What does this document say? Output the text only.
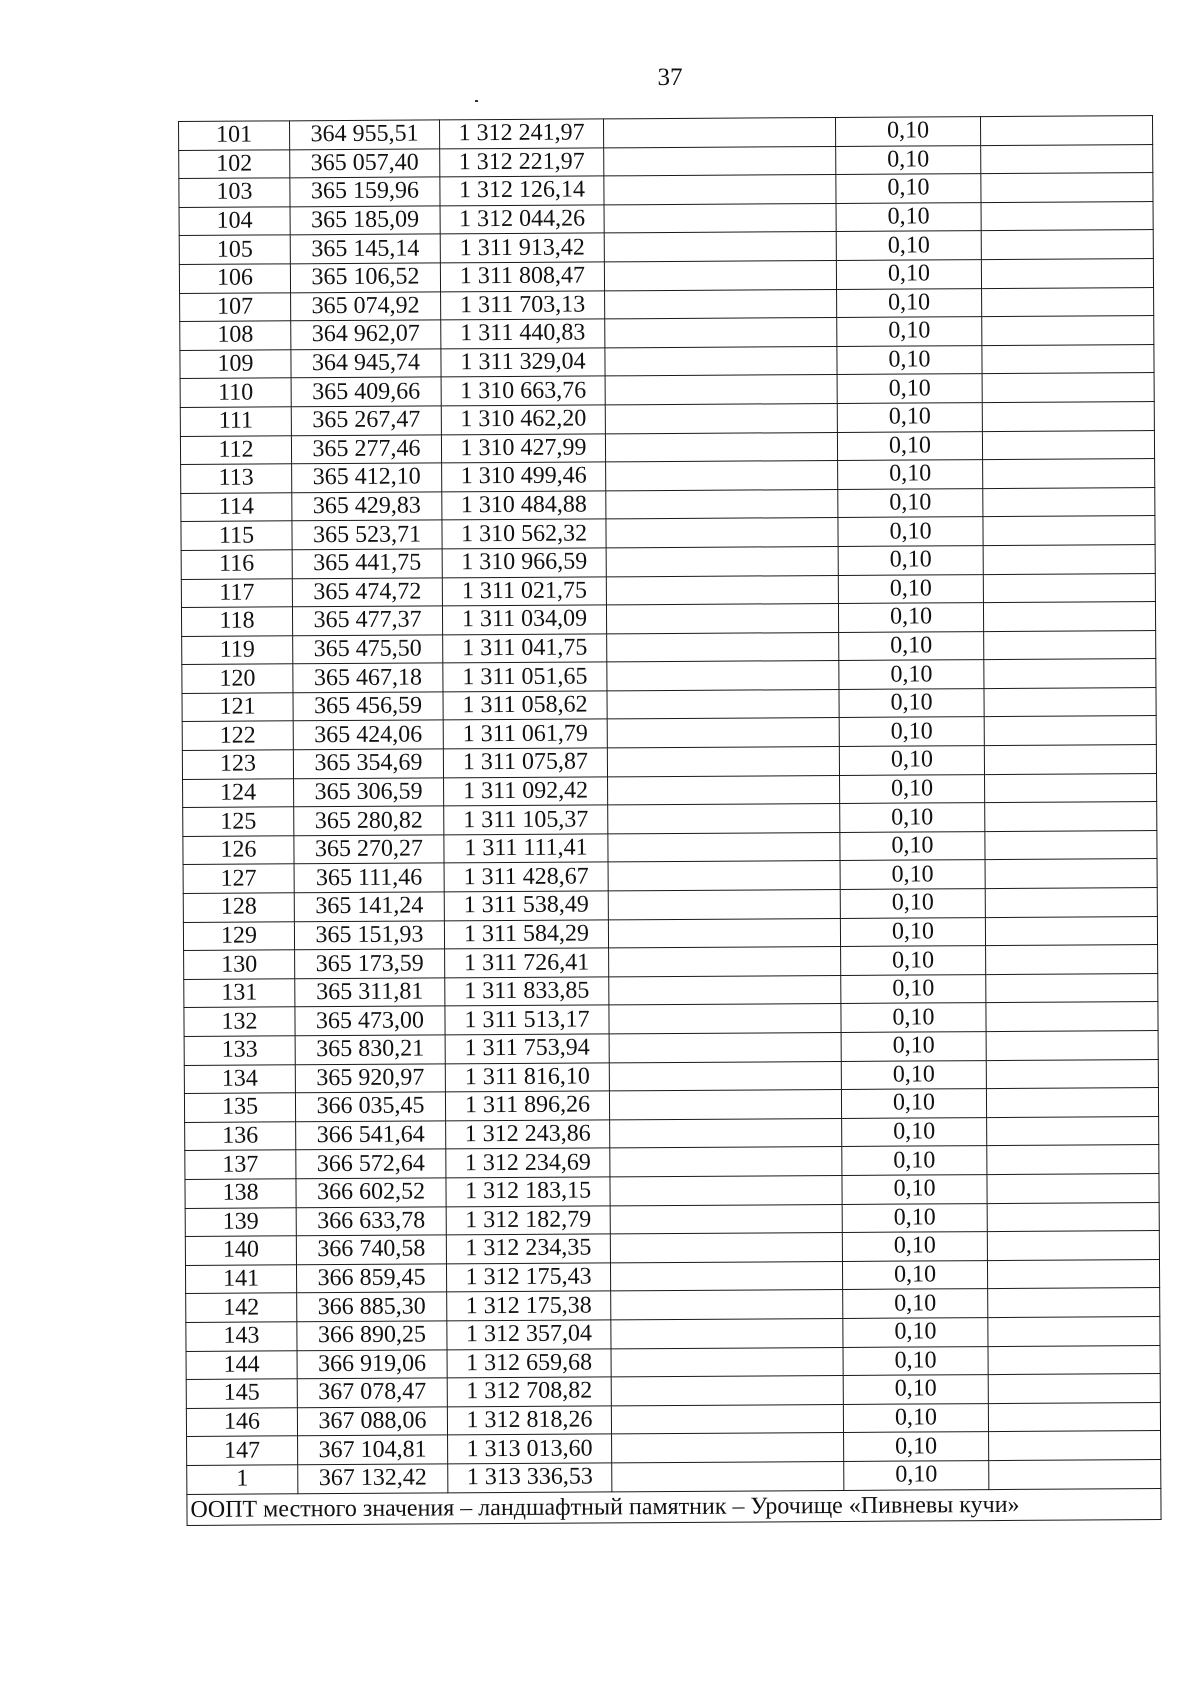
37
101	364 955,51	1 312 241,97		0,10	
102	365 057,40	1 312 221,97		0,10	
103	365 159,96	1 312 126,14		0,10	
104	365 185,09	1 312 044,26		0,10	
105	365 145,14	1 311 913,42		0,10	
106	365 106,52	1 311 808,47		0,10	
107	365 074,92	1 311 703,13		0,10	
108	364 962,07	1 311 440,83		0,10	
109	364 945,74	1 311 329,04		0,10	
110	365 409,66	1 310 663,76		0,10	
111	365 267,47	1 310 462,20		0,10	
112	365 277,46	1 310 427,99		0,10	
113	365 412,10	1 310 499,46		0,10	
114	365 429,83	1 310 484,88		0,10	
115	365 523,71	1 310 562,32		0,10	
116	365 441,75	1 310 966,59		0,10	
117	365 474,72	1 311 021,75		0,10	
118	365 477,37	1 311 034,09		0,10	
119	365 475,50	1 311 041,75		0,10	
120	365 467,18	1 311 051,65		0,10	
121	365 456,59	1 311 058,62		0,10	
122	365 424,06	1 311 061,79		0,10	
123	365 354,69	1 311 075,87		0,10	
124	365 306,59	1 311 092,42		0,10	
125	365 280,82	1 311 105,37		0,10	
126	365 270,27	1 311 111,41		0,10	
127	365 111,46	1 311 428,67		0,10	
128	365 141,24	1 311 538,49		0,10	
129	365 151,93	1 311 584,29		0,10	
130	365 173,59	1 311 726,41		0,10	
131	365 311,81	1 311 833,85		0,10	
132	365 473,00	1 311 513,17		0,10	
133	365 830,21	1 311 753,94		0,10	
134	365 920,97	1 311 816,10		0,10	
135	366 035,45	1 311 896,26		0,10	
136	366 541,64	1 312 243,86		0,10	
137	366 572,64	1 312 234,69		0,10	
138	366 602,52	1 312 183,15		0,10	
139	366 633,78	1 312 182,79		0,10	
140	366 740,58	1 312 234,35		0,10	
141	366 859,45	1 312 175,43		0,10	
142	366 885,30	1 312 175,38		0,10	
143	366 890,25	1 312 357,04		0,10	
144	366 919,06	1 312 659,68		0,10	
145	367 078,47	1 312 708,82		0,10	
146	367 088,06	1 312 818,26		0,10	
147	367 104,81	1 313 013,60		0,10	
1	367 132,42	1 313 336,53		0,10	
ООПТ местного значения – ландшафтный памятник – Урочище «Пивневы кучи»					
